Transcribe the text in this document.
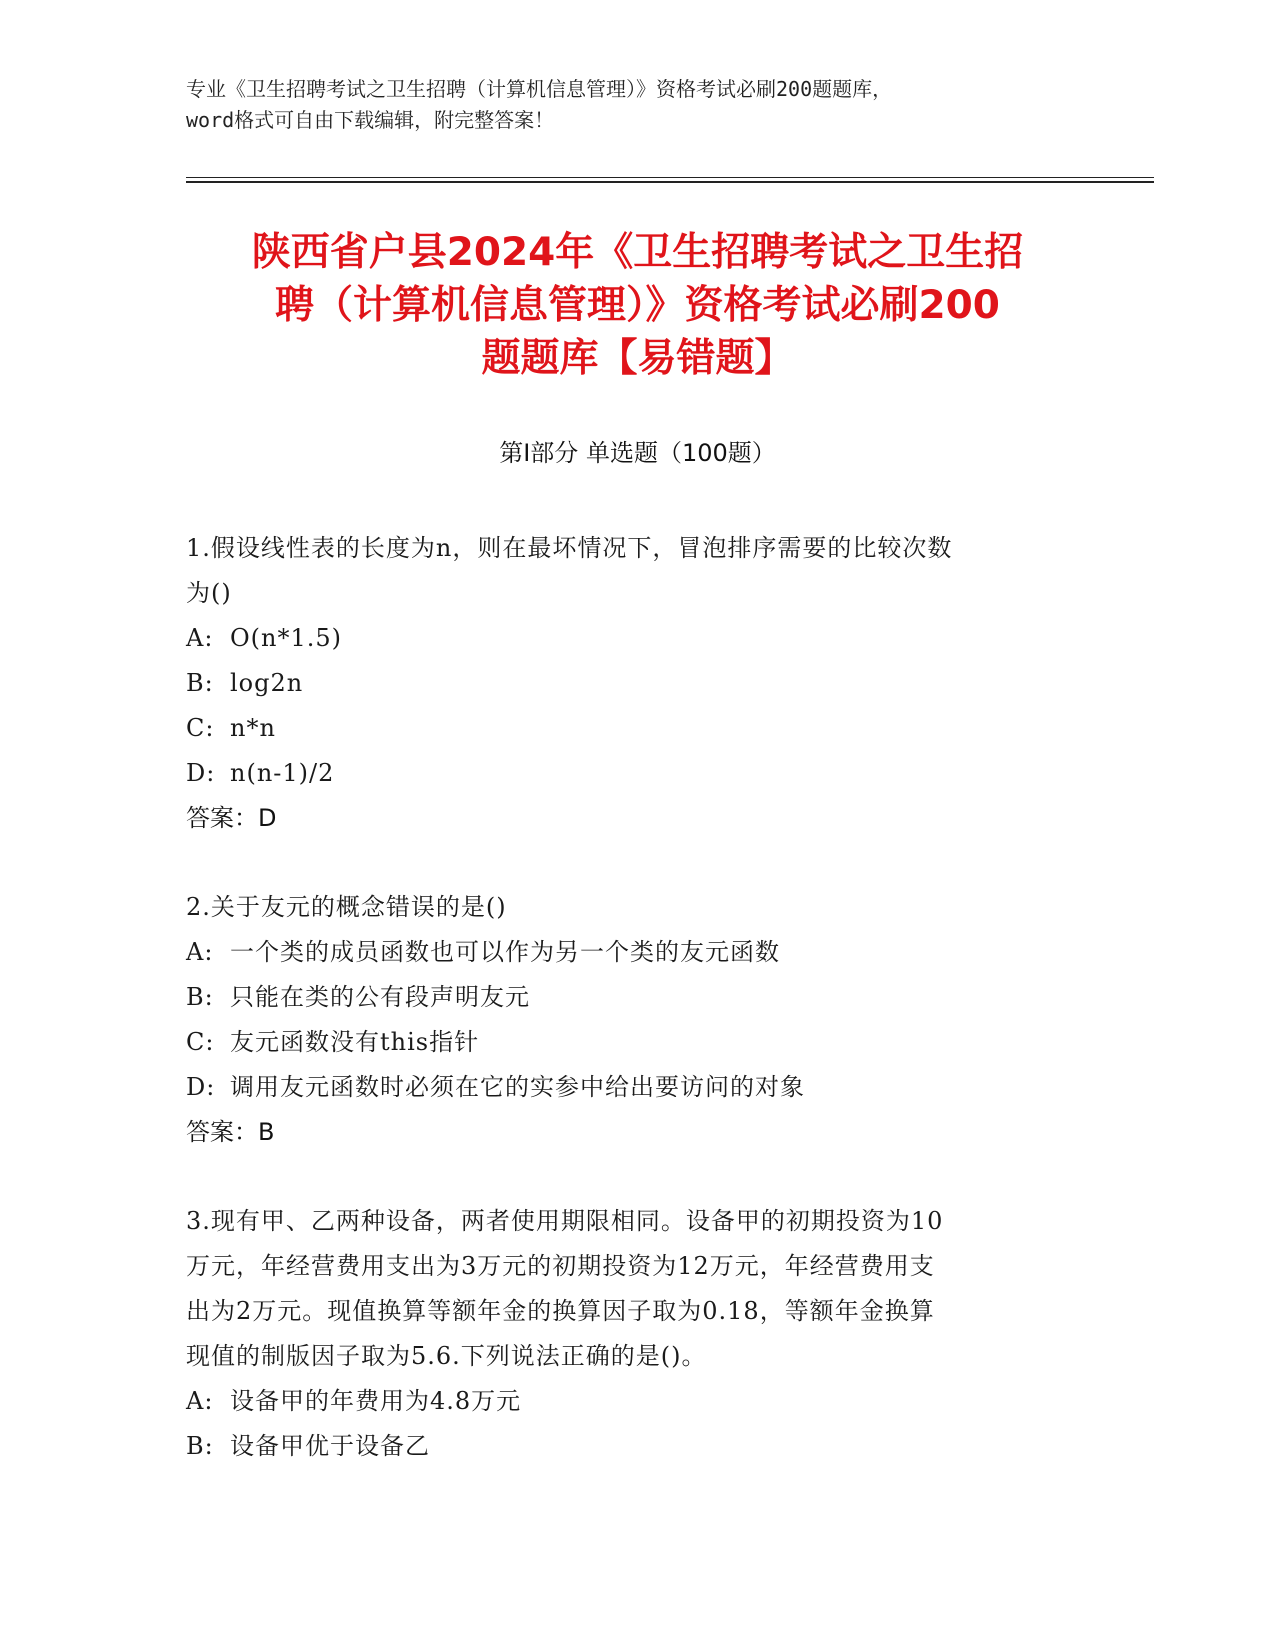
专业《卫生招聘考试之卫生招聘（计算机信息管理）》资格考试必刷200题题库，
word格式可自由下载编辑，附完整答案！
陕西省户县2024年《卫生招聘考试之卫生招
聘（计算机信息管理）》资格考试必刷200
题题库【易错题】
第I部分 单选题（100题）
1.假设线性表的长度为n，则在最坏情况下，冒泡排序需要的比较次数
为()
A: O(n*1.5)
B: log2n
C: n*n
D: n(n-1)/2
答案：D
2.关于友元的概念错误的是()
A: 一个类的成员函数也可以作为另一个类的友元函数
B: 只能在类的公有段声明友元
C: 友元函数没有this指针
D: 调用友元函数时必须在它的实参中给出要访问的对象
答案：B
3.现有甲、乙两种设备，两者使用期限相同。设备甲的初期投资为10
万元，年经营费用支出为3万元的初期投资为12万元，年经营费用支
出为2万元。现值换算等额年金的换算因子取为0.18，等额年金换算
现值的制版因子取为5.6.下列说法正确的是()。
A: 设备甲的年费用为4.8万元
B: 设备甲优于设备乙
